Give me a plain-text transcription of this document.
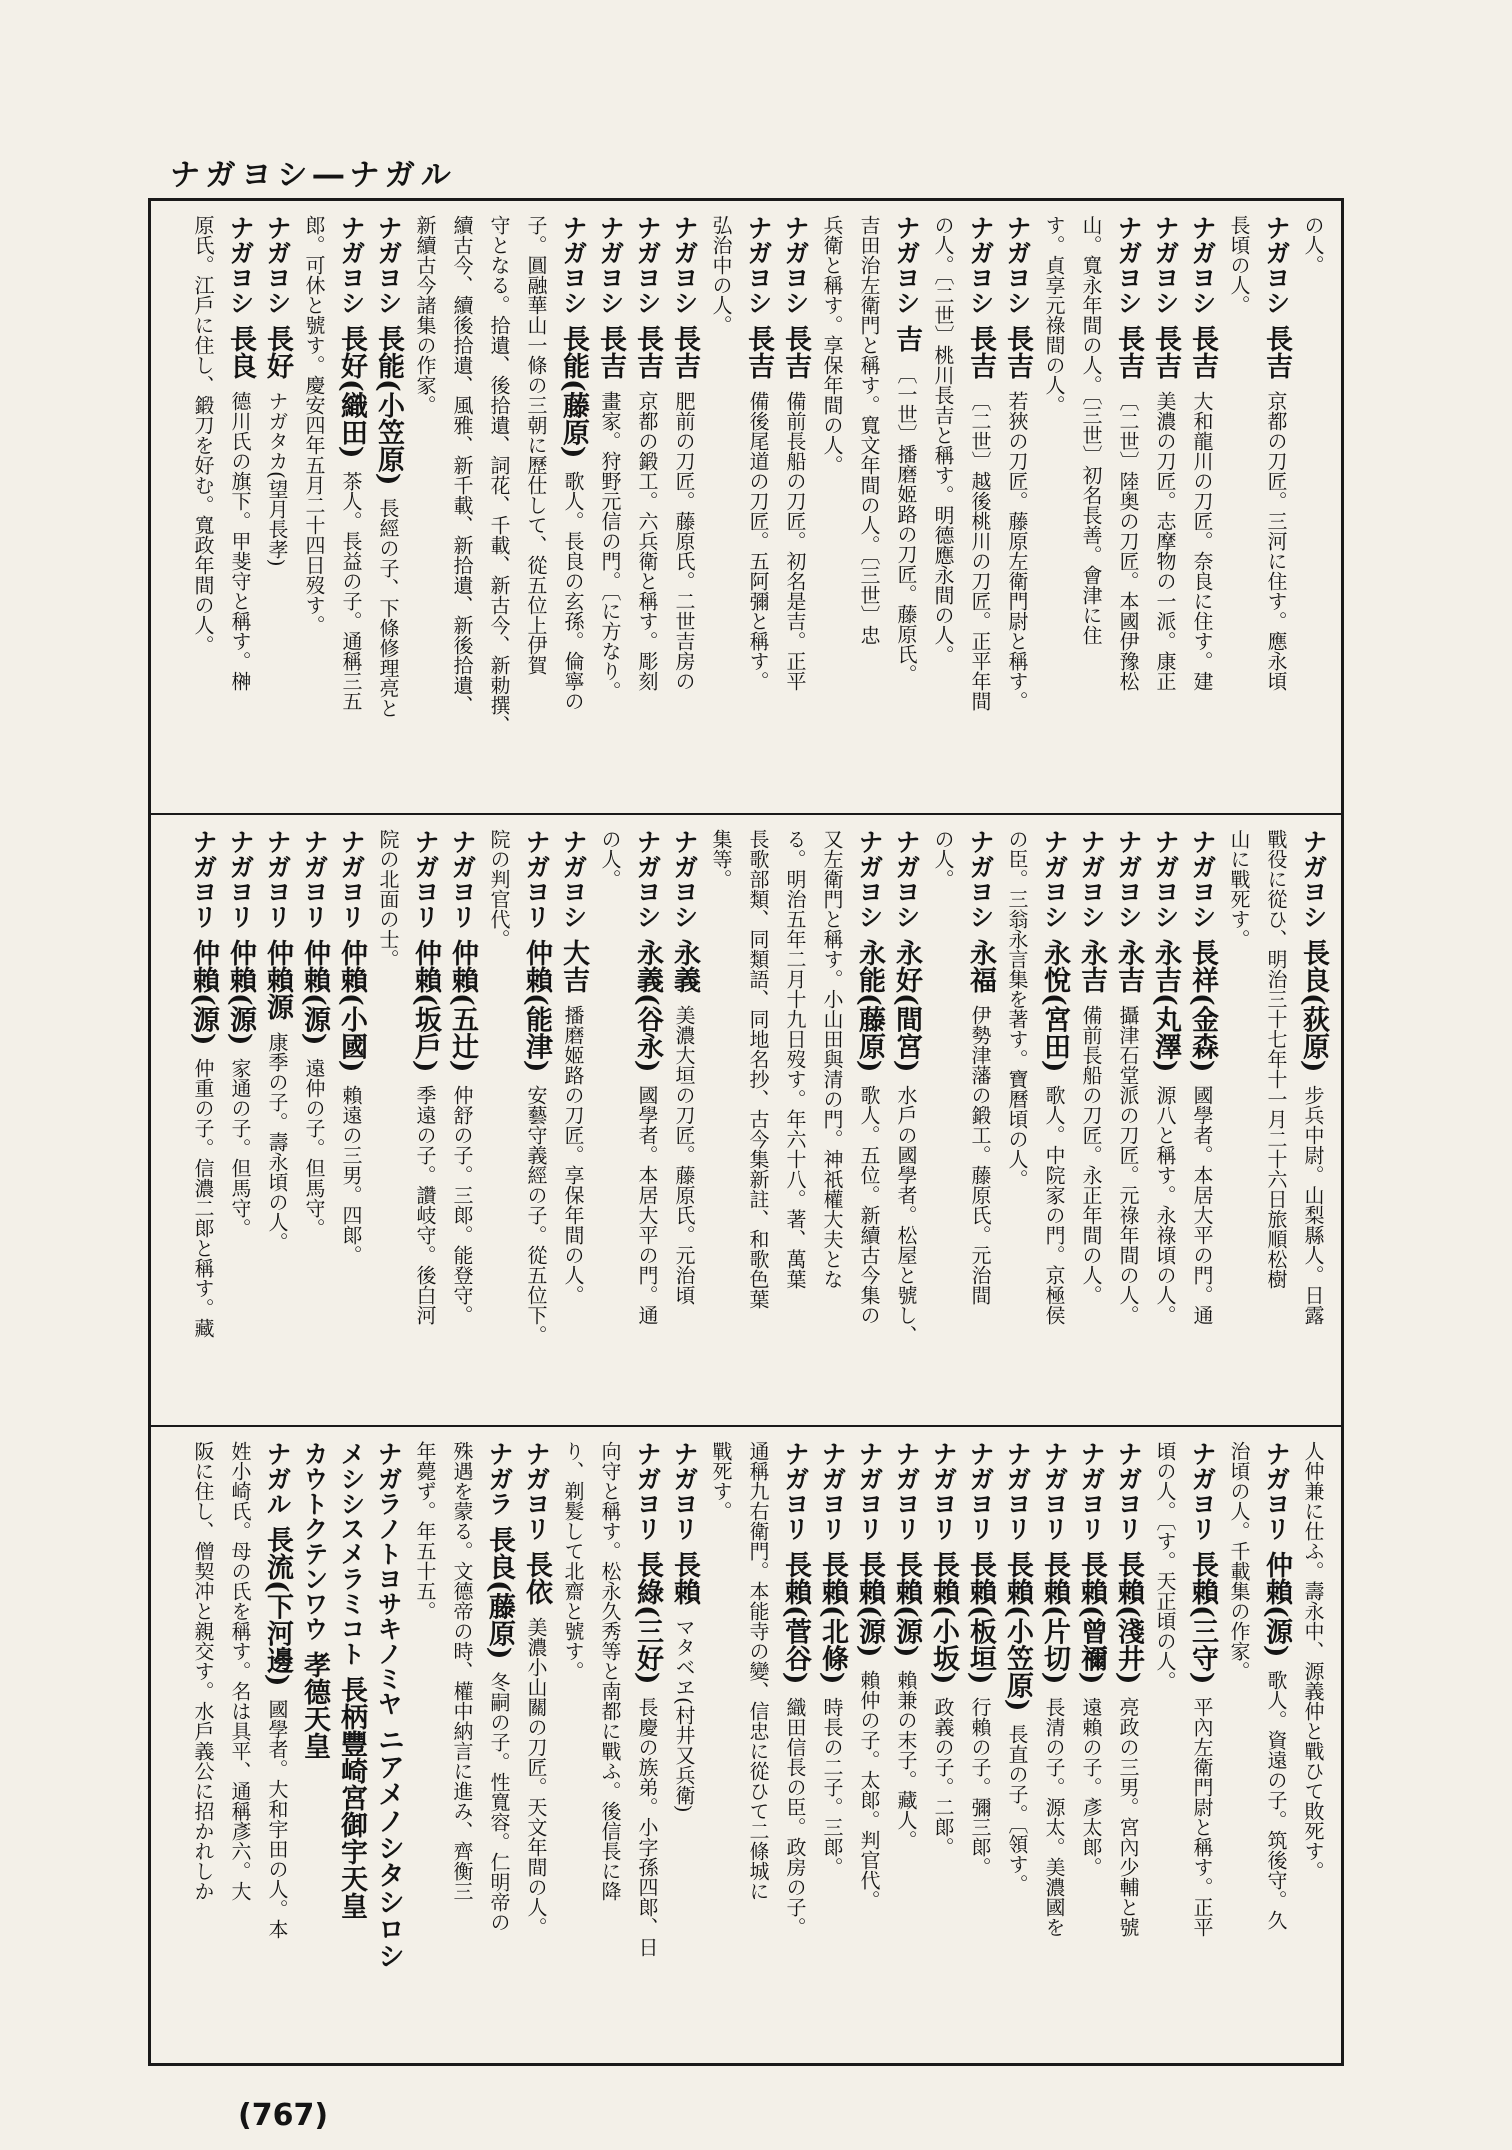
ナガヨシ―ナガル
の人。
ナガヨシ長吉京都の刀匠。三河に住す。應永頃
長頃の人。
ナガヨシ長吉大和龍川の刀匠。奈良に住す。建
ナガヨシ長吉美濃の刀匠。志摩物の一派。康正
ナガヨシ長吉〔二世〕陸奥の刀匠。本國伊豫松
山。寬永年間の人。〔三世〕初名長善。會津に住
す。貞享元祿間の人。
ナガヨシ長吉若狹の刀匠。藤原左衛門尉と稱す。
ナガヨシ長吉〔二世〕越後桃川の刀匠。正平年間
の人。〔二世〕桃川長吉と稱す。明德應永間の人。
ナガヨシ吉〔一世〕播磨姬路の刀匠。藤原氏。
吉田治左衛門と稱す。寬文年間の人。〔三世〕忠
兵衛と稱す。享保年間の人。
ナガヨシ長吉備前長船の刀匠。初名是吉。正平
ナガヨシ長吉備後尾道の刀匠。五阿彌と稱す。
弘治中の人。
ナガヨシ長吉肥前の刀匠。藤原氏。二世吉房の
ナガヨシ長吉京都の鍛工。六兵衛と稱す。彫刻
ナガヨシ長吉畫家。狩野元信の門。〔に方なり。
ナガヨシ長能(藤原)歌人。長良の玄孫。倫寧の
子。圓融華山一條の三朝に歷仕して、從五位上伊賀
守となる。拾遺、後拾遺、詞花、千載、新古今、新勅撰、
續古今、續後拾遺、風雅、新千載、新拾遺、新後拾遺、
新續古今諸集の作家。
ナガヨシ長能(小笠原)長經の子、下條修理亮と
ナガヨシ長好(織田)茶人。長益の子。通稱三五
郎。可休と號す。慶安四年五月二十四日歿す。
ナガヨシ長好ナガタカ(望月長孝)
ナガヨシ長良德川氏の旗下。甲斐守と稱す。榊
原氏。江戶に住し、鍛刀を好む。寬政年間の人。
ナガヨシ長良(荻原)步兵中尉。山梨縣人。日露
戰役に從ひ、明治三十七年十一月二十六日旅順松樹
山に戰死す。
ナガヨシ長祥(金森)國學者。本居大平の門。通
ナガヨシ永吉(丸澤)源八と稱す。永祿頃の人。
ナガヨシ永吉攝津石堂派の刀匠。元祿年間の人。
ナガヨシ永吉備前長船の刀匠。永正年間の人。
ナガヨシ永悅(宮田)歌人。中院家の門。京極侯
の臣。三翁永言集を著す。寶曆頃の人。
ナガヨシ永福伊勢津藩の鍛工。藤原氏。元治間
の人。
ナガヨシ永好(間宮)水戶の國學者。松屋と號し、
ナガヨシ永能(藤原)歌人。五位。新續古今集の
又左衛門と稱す。小山田與清の門。神祇權大夫とな
る。明治五年二月十九日歿す。年六十八。著、萬葉
長歌部類、同類語、同地名抄、古今集新註、和歌色葉
集等。
ナガヨシ永義美濃大垣の刀匠。藤原氏。元治頃
ナガヨシ永義(谷永)國學者。本居大平の門。通
の人。
ナガヨシ大吉播磨姬路の刀匠。享保年間の人。
ナガヨリ仲賴(能津)安藝守義經の子。從五位下。
院の判官代。
ナガヨリ仲賴(五辻)仲舒の子。三郞。能登守。
ナガヨリ仲賴(坂戶)季遠の子。讚岐守。後白河
院の北面の士。
ナガヨリ仲賴(小國)賴遠の三男。四郞。
ナガヨリ仲賴(源)遠仲の子。但馬守。
ナガヨリ仲賴源康季の子。壽永頃の人。
ナガヨリ仲賴(源)家通の子。但馬守。
ナガヨリ仲賴(源)仲重の子。信濃二郞と稱す。藏
人仲兼に仕ふ。壽永中、源義仲と戰ひて敗死す。
ナガヨリ仲賴(源)歌人。資遠の子。筑後守。久
治頃の人。千載集の作家。
ナガヨリ長賴(三守)平內左衛門尉と稱す。正平
頃の人。〔す。天正頃の人。
ナガヨリ長賴(淺井)亮政の三男。宮內少輔と號
ナガヨリ長賴(曾禰)遠賴の子。彥太郞。
ナガヨリ長賴(片切)長清の子。源太。美濃國を
ナガヨリ長賴(小笠原)長直の子。〔領す。
ナガヨリ長賴(板垣)行賴の子。彌三郞。
ナガヨリ長賴(小坂)政義の子。二郞。
ナガヨリ長賴(源)賴兼の末子。藏人。
ナガヨリ長賴(源)賴仲の子。太郞。判官代。
ナガヨリ長賴(北條)時長の二子。三郞。
ナガヨリ長賴(菅谷)織田信長の臣。政房の子。
通稱九右衛門。本能寺の變、信忠に從ひて二條城に
戰死す。
ナガヨリ長賴マタベヱ(村井又兵衛)
ナガヨリ長綠(三好)長慶の族弟。小字孫四郞、日
向守と稱す。松永久秀等と南都に戰ふ。後信長に降
り、剃髮して北齋と號す。
ナガヨリ長依美濃小山關の刀匠。天文年間の人。
ナガラ長良(藤原)冬嗣の子。性寬容。仁明帝の
殊遇を蒙る。文德帝の時、權中納言に進み、齊衡三
年薨ず。年五十五。
ナガラノトヨサキノミヤニアメノシタシロシ
メシシスメラミコト長柄豐崎宮御宇天皇
カウトクテンワウ孝德天皇
ナガル長流(下河邊)國學者。大和宇田の人。本
姓小崎氏。母の氏を稱す。名は具平、通稱彥六。大
阪に住し、僧契冲と親交す。水戶義公に招かれしか
(767)
